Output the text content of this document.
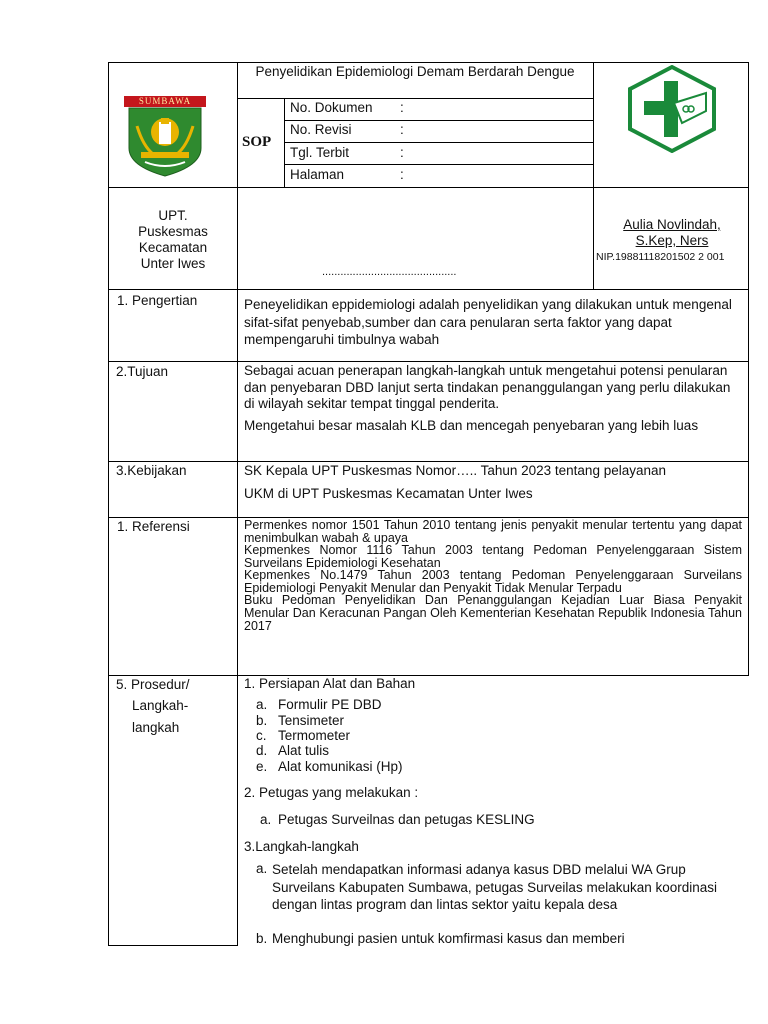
SUMBAWA
Penyelidikan Epidemiologi Demam Berdarah Dengue
SOP
No. Dokumen :
No. Revisi	:
Tgl. Terbit	:
Halaman	:
UPT. Puskesmas Kecamatan Unter Iwes
............................................
Aulia Novlindah,
S.Kep, Ners
NIP.19881118201502 2 001
1. Pengertian	Peneyelidikan eppidemiologi adalah penyelidikan yang dilakukan untuk mengenal sifat-sifat penyebab,sumber dan cara penularan serta faktor yang dapat mempengaruhi timbulnya wabah
2.Tujuan	Sebagai acuan penerapan langkah-langkah untuk mengetahui potensi penularan dan penyebaran DBD lanjut serta tindakan penanggulangan yang perlu dilakukan di wilayah sekitar tempat tinggal penderita.
Mengetahui besar masalah KLB dan mencegah penyebaran yang lebih luas
3.Kebijakan	SK Kepala UPT Puskesmas Nomor….. Tahun 2023 tentang pelayanan
UKM di UPT Puskesmas Kecamatan Unter Iwes
1. Referensi	Permenkes nomor 1501 Tahun 2010 tentang jenis penyakit menular tertentu yang dapat menimbulkan wabah & upaya
Kepmenkes Nomor 1116 Tahun 2003 tentang Pedoman Penyelenggaraan Sistem Surveilans Epidemiologi Kesehatan
Kepmenkes No.1479 Tahun 2003 tentang Pedoman Penyelenggaraan Surveilans Epidemiologi Penyakit Menular dan Penyakit Tidak Menular Terpadu
Buku Pedoman Penyelidikan Dan Penanggulangan Kejadian Luar Biasa Penyakit Menular Dan Keracunan Pangan Oleh Kementerian Kesehatan Republik Indonesia Tahun 2017
5. Prosedur/
Langkah-
langkah
1. Persiapan Alat dan Bahan
a. Formulir PE DBD
b. Tensimeter
c. Termometer
d. Alat tulis
e. Alat komunikasi (Hp)
2. Petugas yang melakukan :
a. Petugas Surveilnas dan petugas KESLING
3.Langkah-langkah
a. Setelah mendapatkan informasi adanya kasus DBD melalui WA Grup Surveilans Kabupaten Sumbawa, petugas Surveilas melakukan koordinasi dengan lintas program dan lintas sektor yaitu kepala desa
b. Menghubungi pasien untuk komfirmasi kasus dan memberi
